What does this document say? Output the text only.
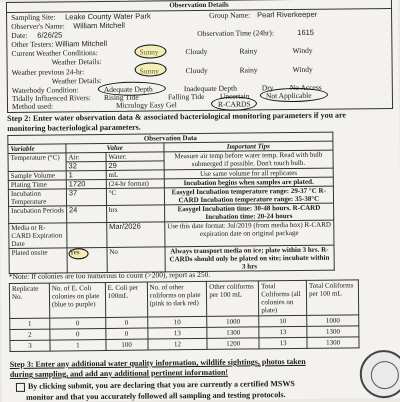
Observation Details
Sampling Site: Leake County Water Park	Group Name: Pearl Riverkeeper
Observer's Name: William Mitchell
Date: 6/26/25	Observation Time (24hr):	1615
Other Testers: William Mitchell
Current Weather Conditions:	Sunny	Cloudy	Rainy	Windy
Weather Details:
Weather previous 24-hr:	Sunny	Cloudy	Rainy	Windy
Weather Details:
Waterbody Condition:	Adequate Depth	Inadequate Depth	Dry No Access
Tidally Influenced Rivers: Rising Tide	Falling Tide Uncertain Not Applicable
Method used:	Micrology Easy Gel	R-CARDS
Step 2: Enter water observation data & associated bacteriological monitoring parameters if you are
monitoring bacteriological parameters.
Observation Data			
Variable	Value		Important Tips
Temperature (°C)	Air:	Water:	Measure air temp before water temp. Read with bulb submerged if possible. Don't touch bulb.
	32	29	
Sample Volume	1	mL	Use same volume for all replicates
Plating Time	1720	(24-hr format)	Incubation begins when samples are plated.
Incubation Temperature	37	°C	Easygel Incubation temperature range: 29-37 °C R-CARD Incubation temperature range: 35-38°C
Incubation Periods	24	hrs	Easygel Incubation time: 30-48 hours. R-CARD Incubation time: 20-24 hours
Media or R-CARD Expiration Date		Mar/2026	Use this date format: Jul/2019 (from media box) R-CARD expiration date on original package
Plated onsite	Yes	No	Always transport media on ice; plate within 3 hrs. R-CARDs should only be plated on site; incubate within 3 hrs
*Note: If colonies are too numerous to count (>200), report as 250.
Replicate No.	No. of E. Coli colonies on plate (blue to purple)	E. Coli per 100mL	No. of other coliforms on plate (pink to dark red)	Other coliforms per 100 mL	Total Coliforms (all colonies on plate)	Total Coliforms per 100 mL
1	0	0	10	1000	10	1000
2	0	0	13	1300	13	1300
3	1	100	12	1200	13	1300
Step 3: Enter any additional water quality information, wildlife sightings, photos taken
during sampling, and add any additional pertinent information!
By clicking submit, you are declaring that you are currently a certified MSWS
monitor and that you accurately followed all sampling and testing protocols.
